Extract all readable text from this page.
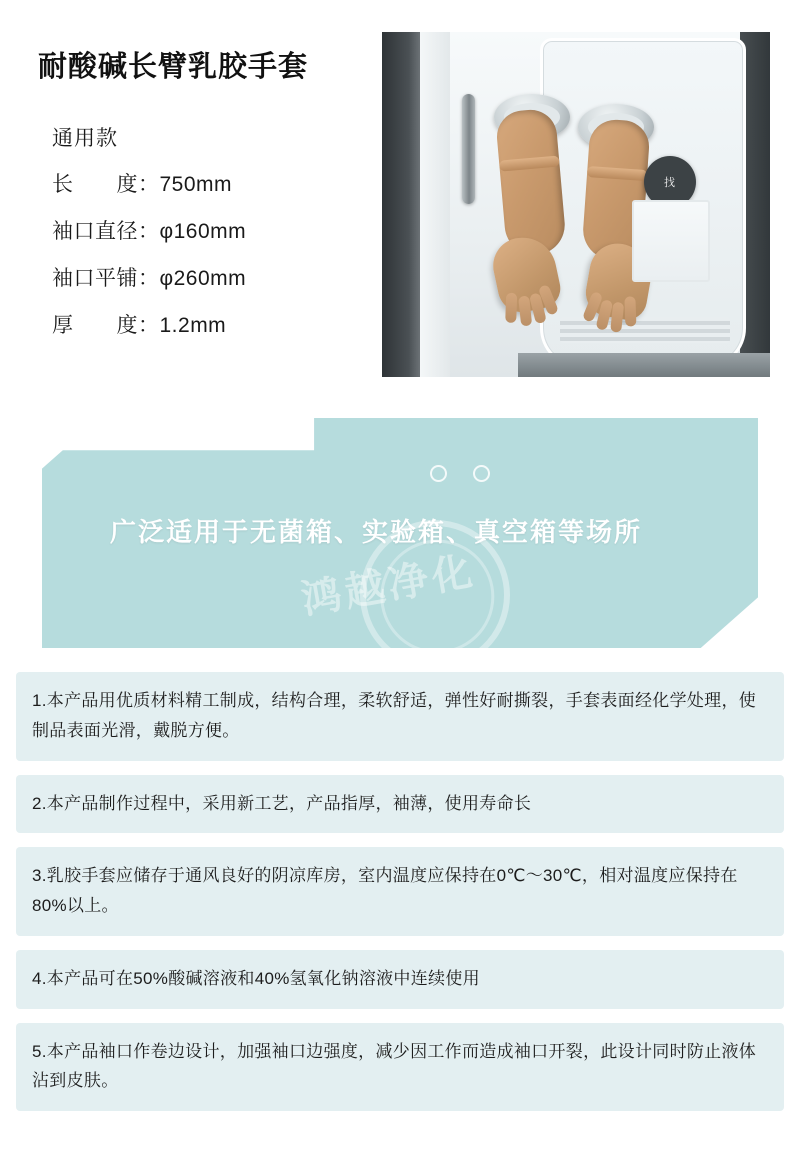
耐酸碱长臂乳胶手套
通用款
长　　度：750mm
袖口直径：φ160mm
袖口平铺：φ260mm
厚　　度：1.2mm
找
广泛适用于无菌箱、实验箱、真空箱等场所
鸿越净化
1.本产品用优质材料精工制成，结构合理，柔软舒适，弹性好耐撕裂，手套表面经化学处理，使制品表面光滑，戴脱方便。
2.本产品制作过程中，采用新工艺，产品指厚，袖薄，使用寿命长
3.乳胶手套应储存于通风良好的阴凉库房，室内温度应保持在0℃～30℃，相对温度应保持在80%以上。
4.本产品可在50%酸碱溶液和40%氢氧化钠溶液中连续使用
5.本产品袖口作卷边设计，加强袖口边强度，减少因工作而造成袖口开裂，此设计同时防止液体沾到皮肤。
